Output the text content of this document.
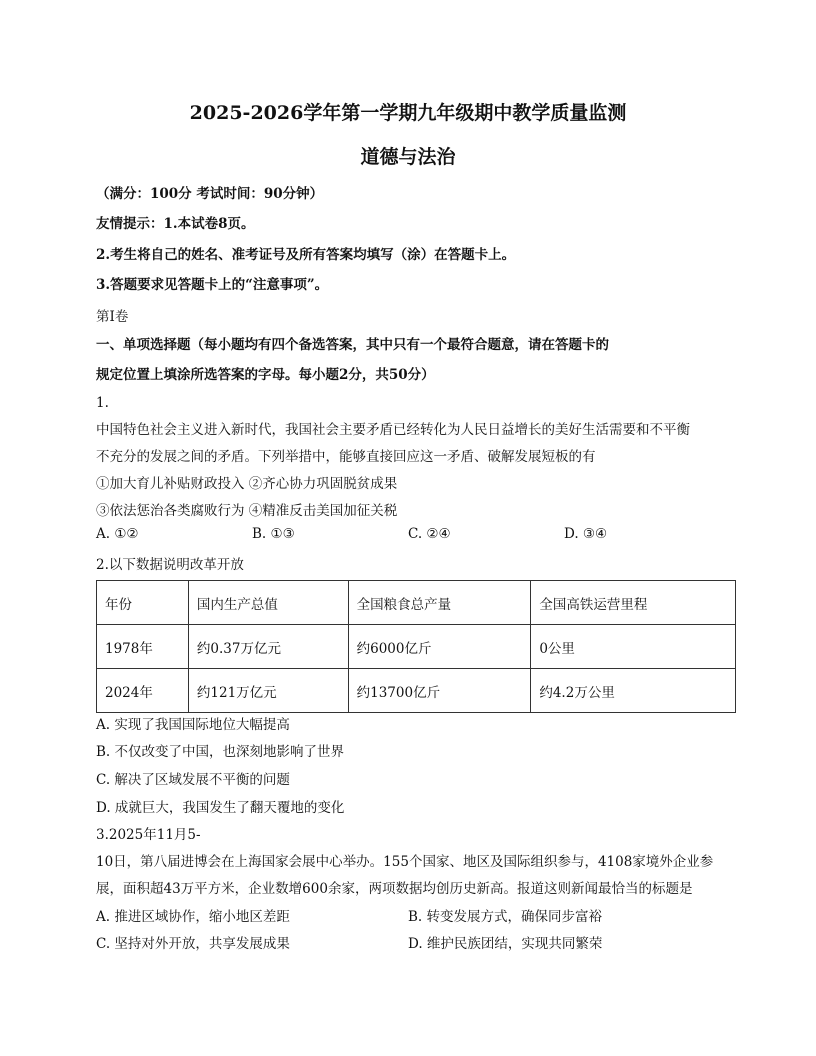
2025-2026学年第一学期九年级期中教学质量监测
道德与法治
（满分：100分 考试时间：90分钟）
友情提示：1.本试卷8页。
2.考生将自己的姓名、准考证号及所有答案均填写（涂）在答题卡上。
3.答题要求见答题卡上的“注意事项”。
第Ⅰ卷
一、单项选择题（每小题均有四个备选答案，其中只有一个最符合题意，请在答题卡的
规定位置上填涂所选答案的字母。每小题2分，共50分）
1.
中国特色社会主义进入新时代，我国社会主要矛盾已经转化为人民日益增长的美好生活需要和不平衡
不充分的发展之间的矛盾。下列举措中，能够直接回应这一矛盾、破解发展短板的有
①加大育儿补贴财政投入 ②齐心协力巩固脱贫成果
③依法惩治各类腐败行为 ④精准反击美国加征关税
A. ①②	B. ①③	C. ②④	D. ③④
2.以下数据说明改革开放
年份	国内生产总值	全国粮食总产量	全国高铁运营里程
1978年	约0.37万亿元	约6000亿斤	0公里
2024年	约121万亿元	约13700亿斤	约4.2万公里
A. 实现了我国国际地位大幅提高
B. 不仅改变了中国，也深刻地影响了世界
C. 解决了区域发展不平衡的问题
D. 成就巨大，我国发生了翻天覆地的变化
3.2025年11月5-
10日，第八届进博会在上海国家会展中心举办。155个国家、地区及国际组织参与，4108家境外企业参
展，面积超43万平方米，企业数增600余家，两项数据均创历史新高。报道这则新闻最恰当的标题是
A. 推进区域协作，缩小地区差距	B. 转变发展方式，确保同步富裕
C. 坚持对外开放，共享发展成果	D. 维护民族团结，实现共同繁荣
